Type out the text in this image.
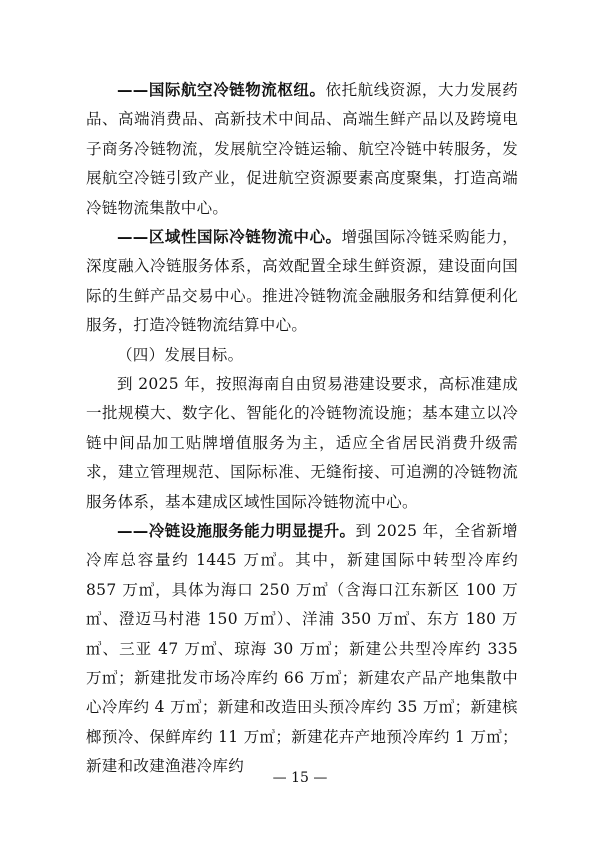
——国际航空冷链物流枢纽。依托航线资源，大力发展药品、高端消费品、高新技术中间品、高端生鲜产品以及跨境电子商务冷链物流，发展航空冷链运输、航空冷链中转服务，发展航空冷链引致产业，促进航空资源要素高度聚集，打造高端冷链物流集散中心。

——区域性国际冷链物流中心。增强国际冷链采购能力，深度融入冷链服务体系，高效配置全球生鲜资源，建设面向国际的生鲜产品交易中心。推进冷链物流金融服务和结算便利化服务，打造冷链物流结算中心。

（四）发展目标。

到 2025 年，按照海南自由贸易港建设要求，高标准建成一批规模大、数字化、智能化的冷链物流设施；基本建立以冷链中间品加工贴牌增值服务为主，适应全省居民消费升级需求，建立管理规范、国际标准、无缝衔接、可追溯的冷链物流服务体系，基本建成区域性国际冷链物流中心。

——冷链设施服务能力明显提升。到 2025 年，全省新增冷库总容量约 1445 万㎥。其中，新建国际中转型冷库约 857 万㎥，具体为海口 250 万㎥（含海口江东新区 100 万㎥、澄迈马村港 150 万㎥）、洋浦 350 万㎥、东方 180 万㎥、三亚 47 万㎥、琼海 30 万㎥；新建公共型冷库约 335 万㎥；新建批发市场冷库约 66 万㎥；新建农产品产地集散中心冷库约 4 万㎥；新建和改造田头预冷库约 35 万㎥；新建槟榔预冷、保鲜库约 11 万㎥；新建花卉产地预冷库约 1 万㎥；新建和改建渔港冷库约

— 15 —
